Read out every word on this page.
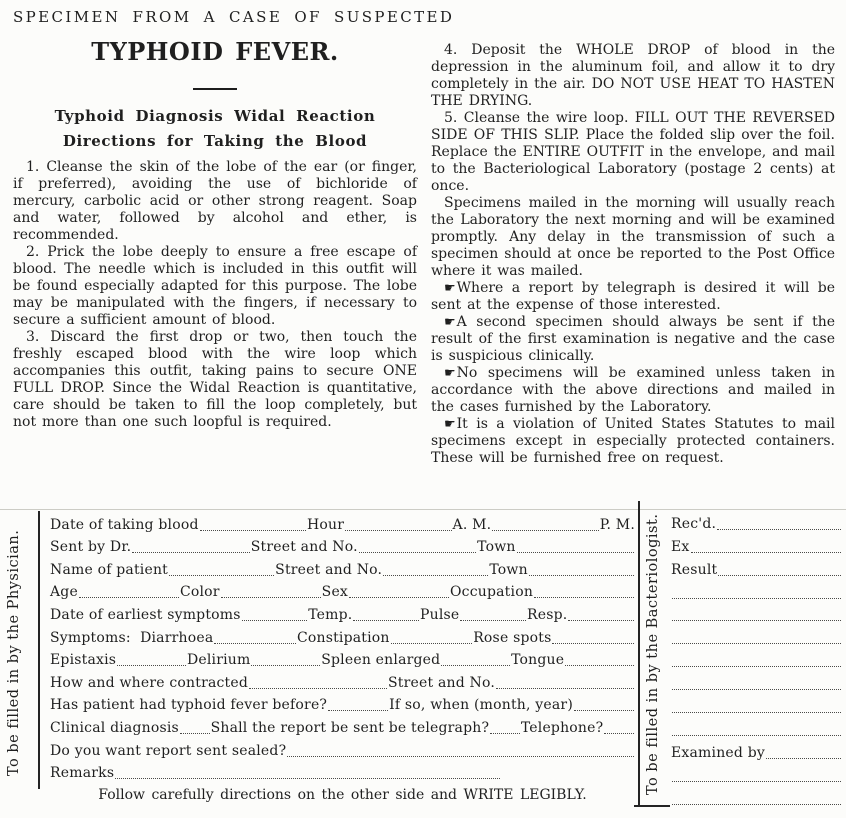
SPECIMEN FROM A CASE OF SUSPECTED
TYPHOID FEVER.
Typhoid Diagnosis Widal Reaction
Directions for Taking the Blood

1. Cleanse the skin of the lobe of the ear (or finger, if preferred), avoiding the use of bichloride of mercury, carbolic acid or other strong reagent. Soap and water, followed by alcohol and ether, is recommended.

2. Prick the lobe deeply to ensure a free escape of blood. The needle which is included in this outfit will be found especially adapted for this purpose. The lobe may be manipulated with the fingers, if necessary to secure a sufficient amount of blood.

3. Discard the first drop or two, then touch the freshly escaped blood with the wire loop which accompanies this outfit, taking pains to secure ONE FULL DROP. Since the Widal Reaction is quantitative, care should be taken to fill the loop completely, but not more than one such loopful is required.

4. Deposit the WHOLE DROP of blood in the depression in the aluminum foil, and allow it to dry completely in the air. DO NOT USE HEAT TO HASTEN THE DRYING.

5. Cleanse the wire loop. FILL OUT THE REVERSED SIDE OF THIS SLIP. Place the folded slip over the foil. Replace the ENTIRE OUTFIT in the envelope, and mail to the Bacteriological Laboratory (postage 2 cents) at once.

Specimens mailed in the morning will usually reach the Laboratory the next morning and will be examined promptly. Any delay in the transmission of such a specimen should at once be reported to the Post Office where it was mailed.

☛Where a report by telegraph is desired it will be sent at the expense of those interested.

☛A second specimen should always be sent if the result of the first examination is negative and the case is suspicious clinically.

☛No specimens will be examined unless taken in accordance with the above directions and mailed in the cases furnished by the Laboratory.

☛It is a violation of United States Statutes to mail specimens except in especially protected containers. These will be furnished free on request.

To be filled in by the Physician.
Date of taking blood	Hour	A. M.	P. M.
Sent by Dr.	Street and No.	Town
Name of patient	Street and No.	Town
Age	Color	Sex	Occupation
Date of earliest symptoms	Temp.	Pulse	Resp.
Symptoms:  Diarrhoea	Constipation	Rose spots
Epistaxis	Delirium	Spleen enlarged	Tongue
How and where contracted	Street and No.
Has patient had typhoid fever before?	If so, when (month, year)
Clinical diagnosis Shall the report be sent be telegraph? Telephone?
Do you want report sent sealed?
Remarks
Follow carefully directions on the other side and WRITE LEGIBLY.
To be filled in by the Bacteriologist. Rec'd.
Ex
Result
Examined by
